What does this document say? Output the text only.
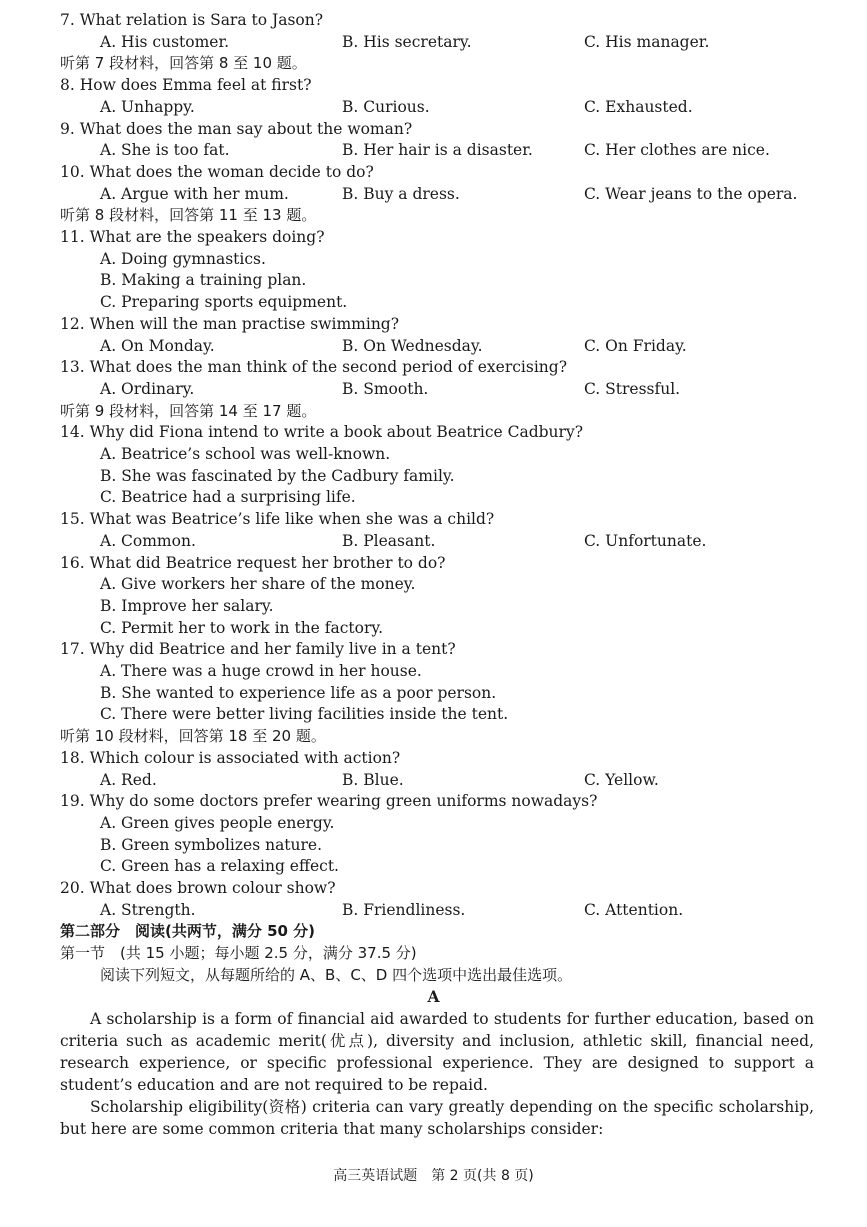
7. What relation is Sara to Jason?
A. His customer.	B. His secretary.	C. His manager.
听第 7 段材料，回答第 8 至 10 题。
8. How does Emma feel at first?
A. Unhappy.	B. Curious.	C. Exhausted.
9. What does the man say about the woman?
A. She is too fat.	B. Her hair is a disaster.	C. Her clothes are nice.
10. What does the woman decide to do?
A. Argue with her mum.	B. Buy a dress.	C. Wear jeans to the opera.
听第 8 段材料，回答第 11 至 13 题。
11. What are the speakers doing?
A. Doing gymnastics.
B. Making a training plan.
C. Preparing sports equipment.
12. When will the man practise swimming?
A. On Monday.	B. On Wednesday.	C. On Friday.
13. What does the man think of the second period of exercising?
A. Ordinary.	B. Smooth.	C. Stressful.
听第 9 段材料，回答第 14 至 17 题。
14. Why did Fiona intend to write a book about Beatrice Cadbury?
A. Beatrice’s school was well-known.
B. She was fascinated by the Cadbury family.
C. Beatrice had a surprising life.
15. What was Beatrice’s life like when she was a child?
A. Common.	B. Pleasant.	C. Unfortunate.
16. What did Beatrice request her brother to do?
A. Give workers her share of the money.
B. Improve her salary.
C. Permit her to work in the factory.
17. Why did Beatrice and her family live in a tent?
A. There was a huge crowd in her house.
B. She wanted to experience life as a poor person.
C. There were better living facilities inside the tent.
听第 10 段材料，回答第 18 至 20 题。
18. Which colour is associated with action?
A. Red.	B. Blue.	C. Yellow.
19. Why do some doctors prefer wearing green uniforms nowadays?
A. Green gives people energy.
B. Green symbolizes nature.
C. Green has a relaxing effect.
20. What does brown colour show?
A. Strength.	B. Friendliness.	C. Attention.
第二部分　阅读(共两节，满分 50 分)
第一节　(共 15 小题；每小题 2.5 分，满分 37.5 分)
阅读下列短文，从每题所给的 A、B、C、D 四个选项中选出最佳选项。
A
A scholarship is a form of financial aid awarded to students for further education, based on criteria such as academic merit(优点), diversity and inclusion, athletic skill, financial need, research experience, or specific professional experience. They are designed to support a student’s education and are not required to be repaid.
Scholarship eligibility(资格) criteria can vary greatly depending on the specific scholarship, but here are some common criteria that many scholarships consider:
高三英语试题　第 2 页(共 8 页)
